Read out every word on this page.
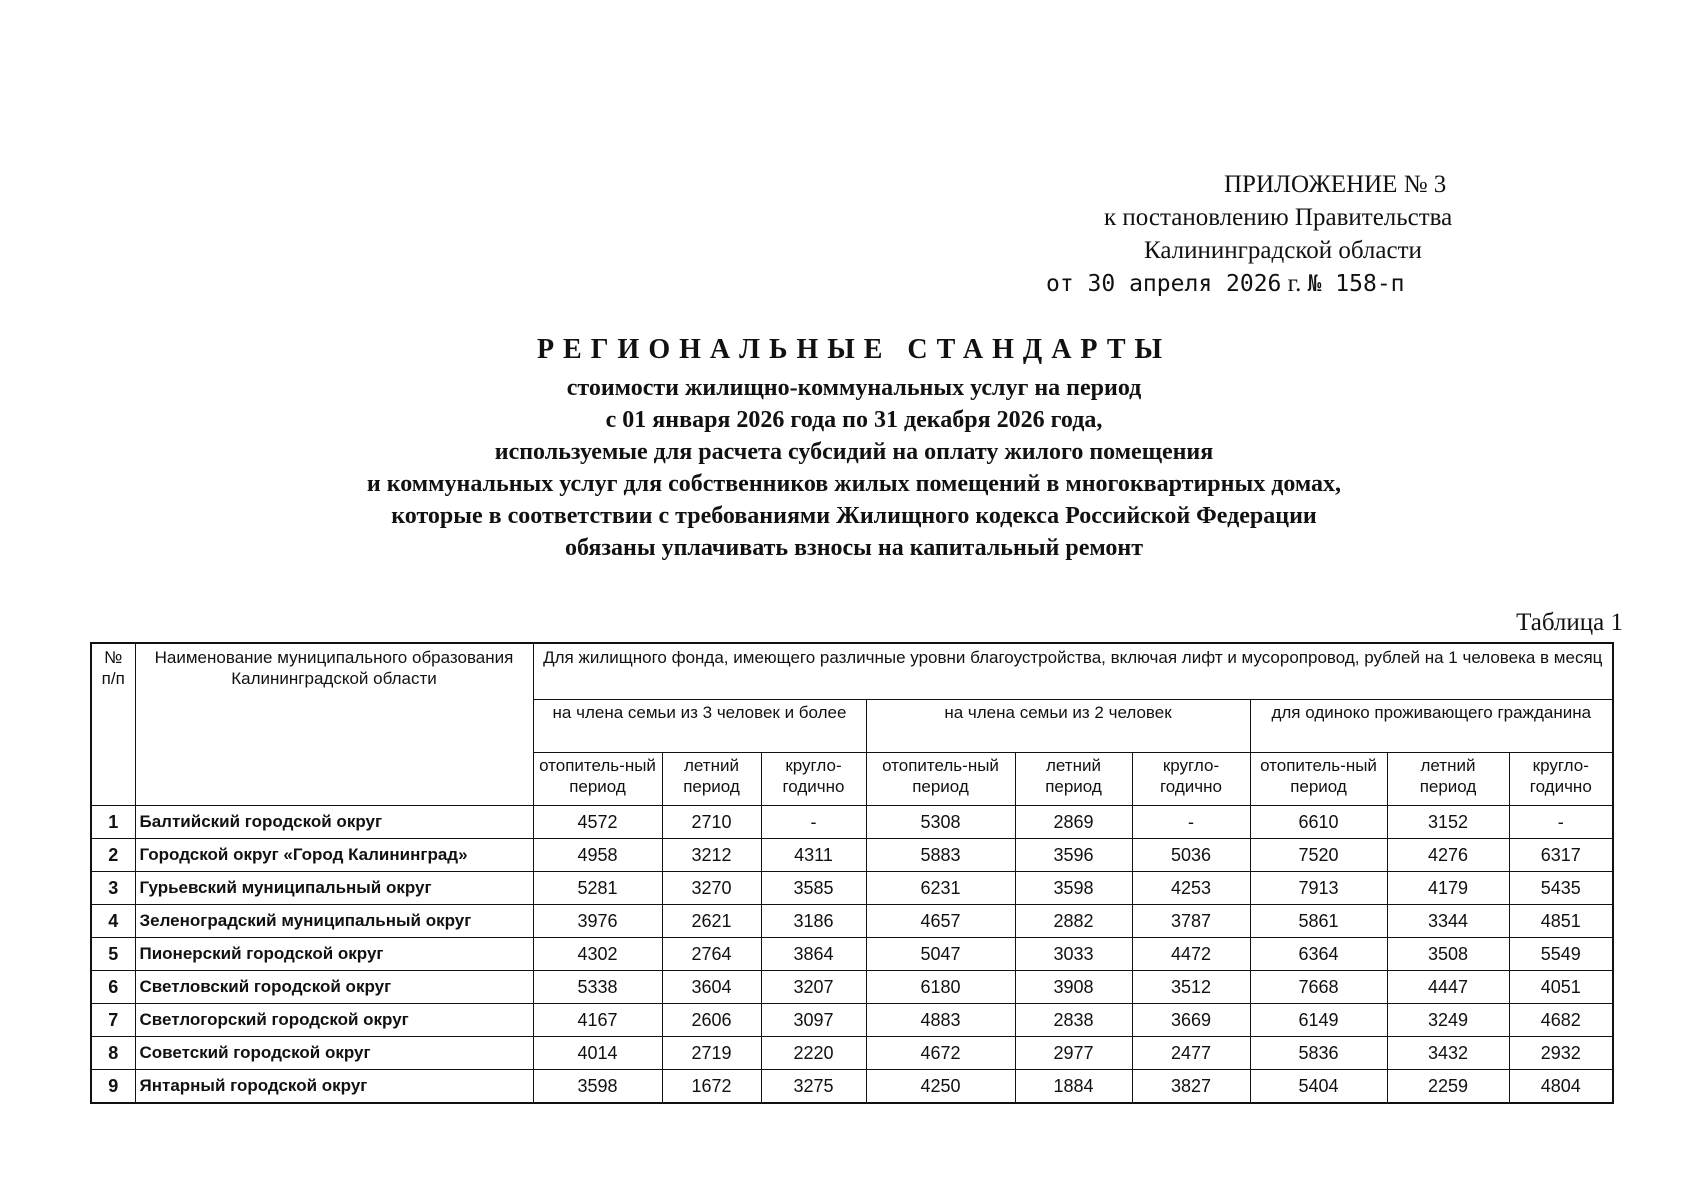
ПРИЛОЖЕНИЕ № 3
к постановлению Правительства
Калининградской области
от 30 апреля 2026 г. № 158-п
РЕГИОНАЛЬНЫЕ СТАНДАРТЫ
стоимости жилищно-коммунальных услуг на период
с 01 января 2026 года по 31 декабря 2026 года,
используемые для расчета субсидий на оплату жилого помещения
и коммунальных услуг для собственников жилых помещений в многоквартирных домах,
которые в соответствии с требованиями Жилищного кодекса Российской Федерации
обязаны уплачивать взносы на капитальный ремонт
Таблица 1
№ п/п	Наименование муниципального образования Калининградской области	Для жилищного фонда, имеющего различные уровни благоустройства, включая лифт и мусоропровод, рублей на 1 человека в месяц								
		на члена семьи из 3 человек и более			на члена семьи из 2 человек			для одиноко проживающего гражданина		
		отопитель-ный период	летний период	кругло-годично	отопитель-ный период	летний период	кругло-годично	отопитель-ный период	летний период	кругло-годично
1	Балтийский городской округ	4572	2710	-	5308	2869	-	6610	3152	-
2	Городской округ «Город Калининград»	4958	3212	4311	5883	3596	5036	7520	4276	6317
3	Гурьевский муниципальный округ	5281	3270	3585	6231	3598	4253	7913	4179	5435
4	Зеленоградский муниципальный округ	3976	2621	3186	4657	2882	3787	5861	3344	4851
5	Пионерский городской округ	4302	2764	3864	5047	3033	4472	6364	3508	5549
6	Светловский городской округ	5338	3604	3207	6180	3908	3512	7668	4447	4051
7	Светлогорский городской округ	4167	2606	3097	4883	2838	3669	6149	3249	4682
8	Советский городской округ	4014	2719	2220	4672	2977	2477	5836	3432	2932
9	Янтарный городской округ	3598	1672	3275	4250	1884	3827	5404	2259	4804
